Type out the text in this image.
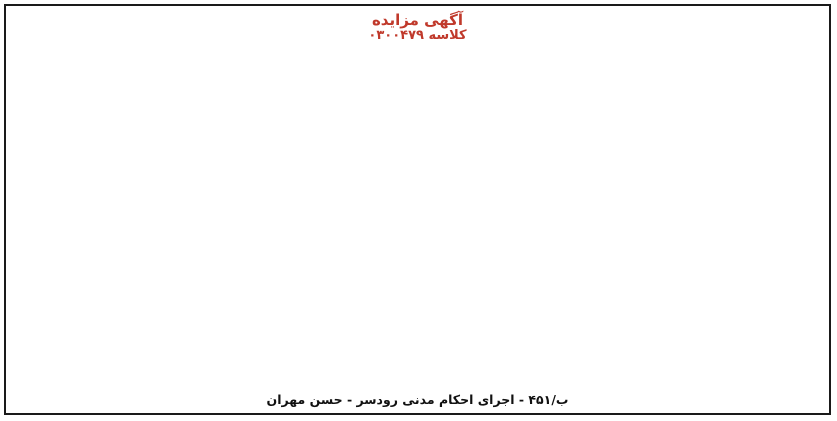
آگهی مزایده
کلاسه ۰۳۰۰۴۷۹
ب/۴۵۱ - اجرای احکام مدنی رودسر - حسن مهران
